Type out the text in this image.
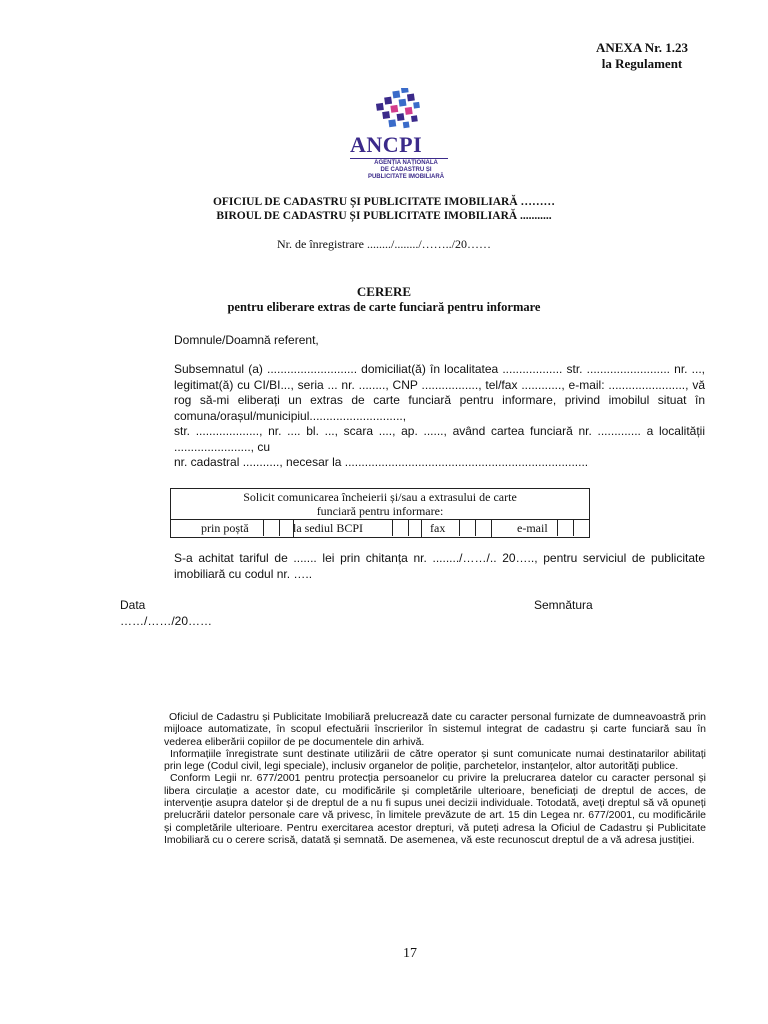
ANEXA Nr. 1.23
la Regulament
ANCPI
AGENȚIA NAȚIONALĂ
DE CADASTRU ȘI
PUBLICITATE IMOBILIARĂ
OFICIUL DE CADASTRU ȘI PUBLICITATE IMOBILIARĂ ………
BIROUL DE CADASTRU ȘI PUBLICITATE IMOBILIARĂ ...........
Nr. de înregistrare ......../......../……../20……
CERERE
pentru eliberare extras de carte funciară pentru informare
Domnule/Doamnă referent,

Subsemnatul (a) ........................... domiciliat(ă) în localitatea .................. str. ......................... nr. ...,

legitimat(ă) cu CI/BI..., seria ... nr. ........, CNP ................., tel/fax ............, e-mail: ......................., vă

rog să-mi eliberați un extras de carte funciară pentru informare, privind imobilul situat în

comuna/orașul/municipiul............................,

str. ..................., nr. .... bl. ..., scara ...., ap. ......, având cartea funciară nr. ............. a localității

......................., cu

nr. cadastral ..........., necesar la .........................................................................

Solicit comunicarea încheierii și/sau a extrasului de carte
funciară pentru informare:
prin poștă	la sediul BCPI	fax	e-mail

S-a achitat tariful de ....... lei prin chitanța nr. ......../……/.. 20….., pentru serviciul de publicitate

imobiliară cu codul nr. …..

Data
……/……/20……
Semnătura

Oficiul de Cadastru și Publicitate Imobiliară prelucrează date cu caracter personal furnizate de dumneavoastră prin mijloace automatizate, în scopul efectuării înscrierilor în sistemul integrat de cadastru și carte funciară sau în vederea eliberării copiilor de pe documentele din arhivă.

Informațiile înregistrate sunt destinate utilizării de către operator și sunt comunicate numai destinatarilor abilitați prin lege (Codul civil, legi speciale), inclusiv organelor de poliție, parchetelor, instanțelor, altor autorități publice.

Conform Legii nr. 677/2001 pentru protecția persoanelor cu privire la prelucrarea datelor cu caracter personal și libera circulație a acestor date, cu modificările și completările ulterioare, beneficiați de dreptul de acces, de intervenție asupra datelor și de dreptul de a nu fi supus unei decizii individuale. Totodată, aveți dreptul să vă opuneți prelucrării datelor personale care vă privesc, în limitele prevăzute de art. 15 din Legea nr. 677/2001, cu modificările și completările ulterioare. Pentru exercitarea acestor drepturi, vă puteți adresa la Oficiul de Cadastru și Publicitate Imobiliară cu o cerere scrisă, datată și semnată. De asemenea, vă este recunoscut dreptul de a vă adresa justiției.

17
